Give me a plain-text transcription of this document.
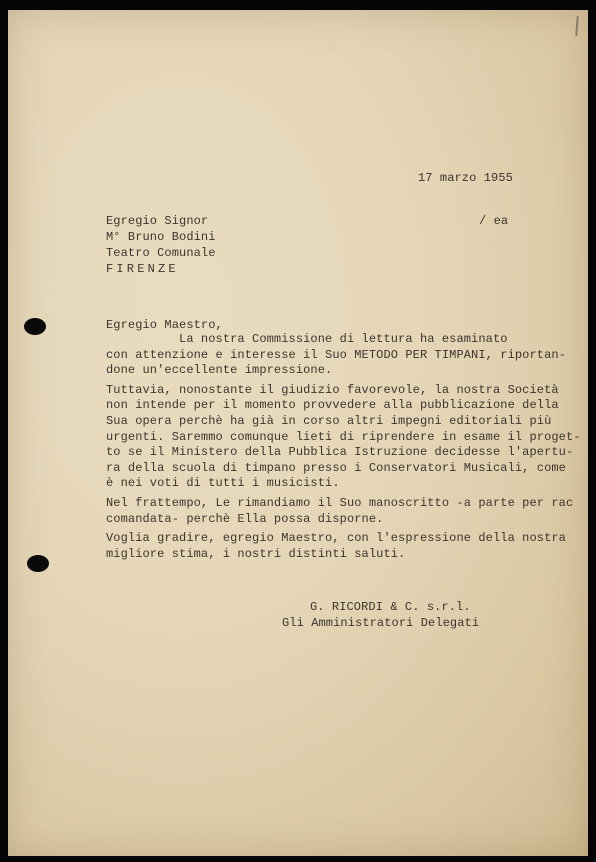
17 marzo 1955
/ ea
Egregio Signor
M° Bruno Bodini
Teatro Comunale
FIRENZE
Egregio Maestro,
La nostra Commissione di lettura ha esaminato
con attenzione e interesse il Suo METODO PER TIMPANI, riportan-
done un'eccellente impressione.
Tuttavia, nonostante il giudizio favorevole, la nostra Società
non intende per il momento provvedere alla pubblicazione della
Sua opera perchè ha già in corso altri impegni editoriali più
urgenti. Saremmo comunque lieti di riprendere in esame il proget-
to se il Ministero della Pubblica Istruzione decidesse l'apertu-
ra della scuola di timpano presso i Conservatori Musicali, come
è nei voti di tutti i musicisti.
Nel frattempo, Le rimandiamo il Suo manoscritto -a parte per rac
comandata- perchè Ella possa disporne.
Voglia gradire, egregio Maestro, con l'espressione della nostra
migliore stima, i nostri distinti saluti.
G. RICORDI & C. s.r.l.
Gli Amministratori Delegati
